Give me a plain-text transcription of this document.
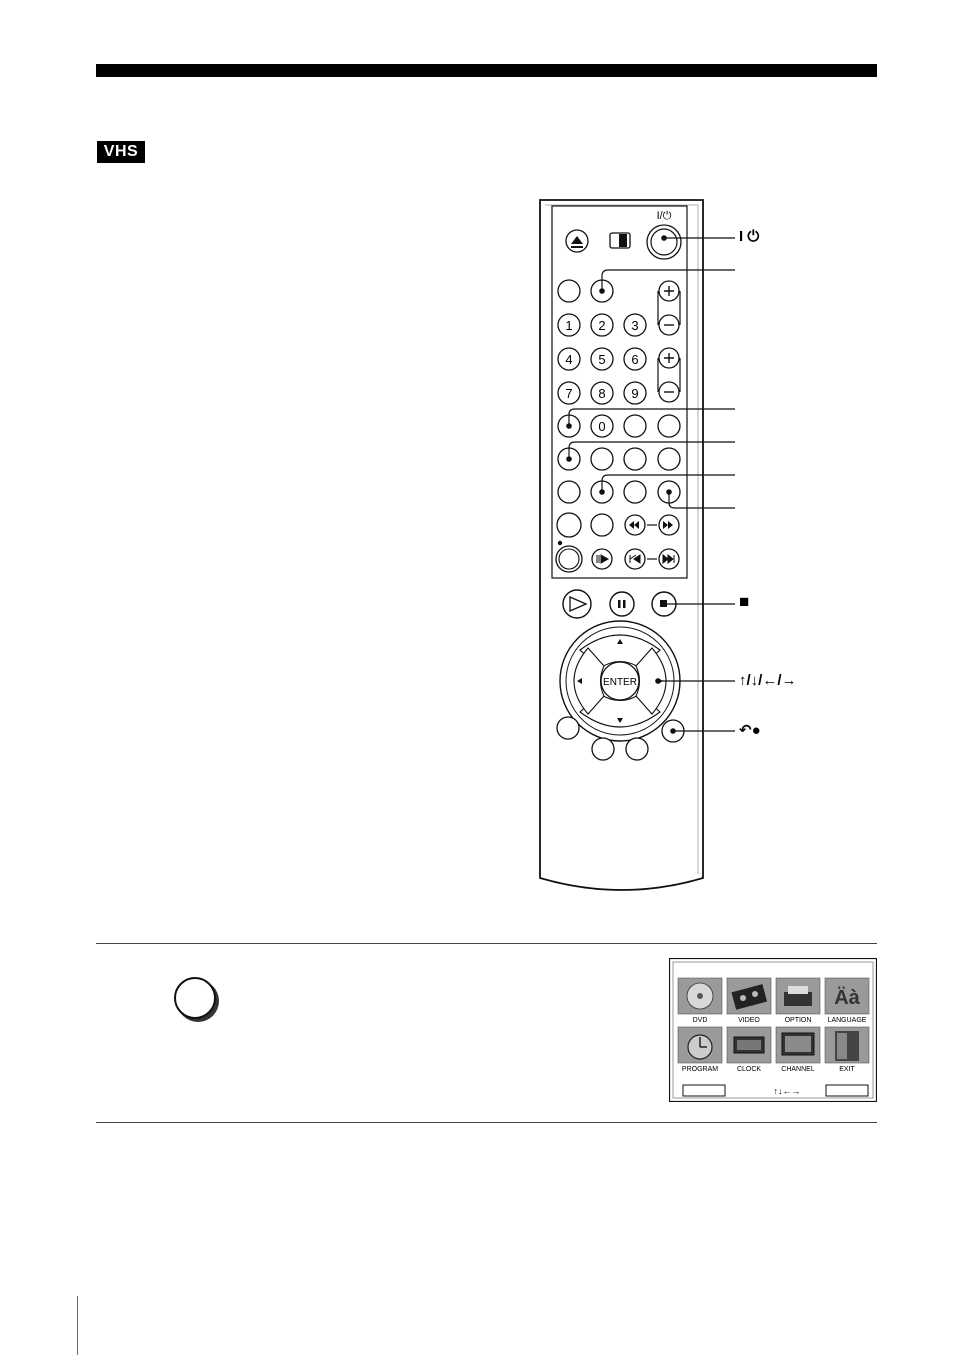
VHS
I/⏻
1 2 3
4 5 6
7 8 9
0
ENTER
I ⏻
■
↑/↓/←/→
↶●
DVD	VIDEO	OPTION
Äà
LANGUAGE
PROGRAM	CLOCK	CHANNEL	EXIT
↑↓←→
